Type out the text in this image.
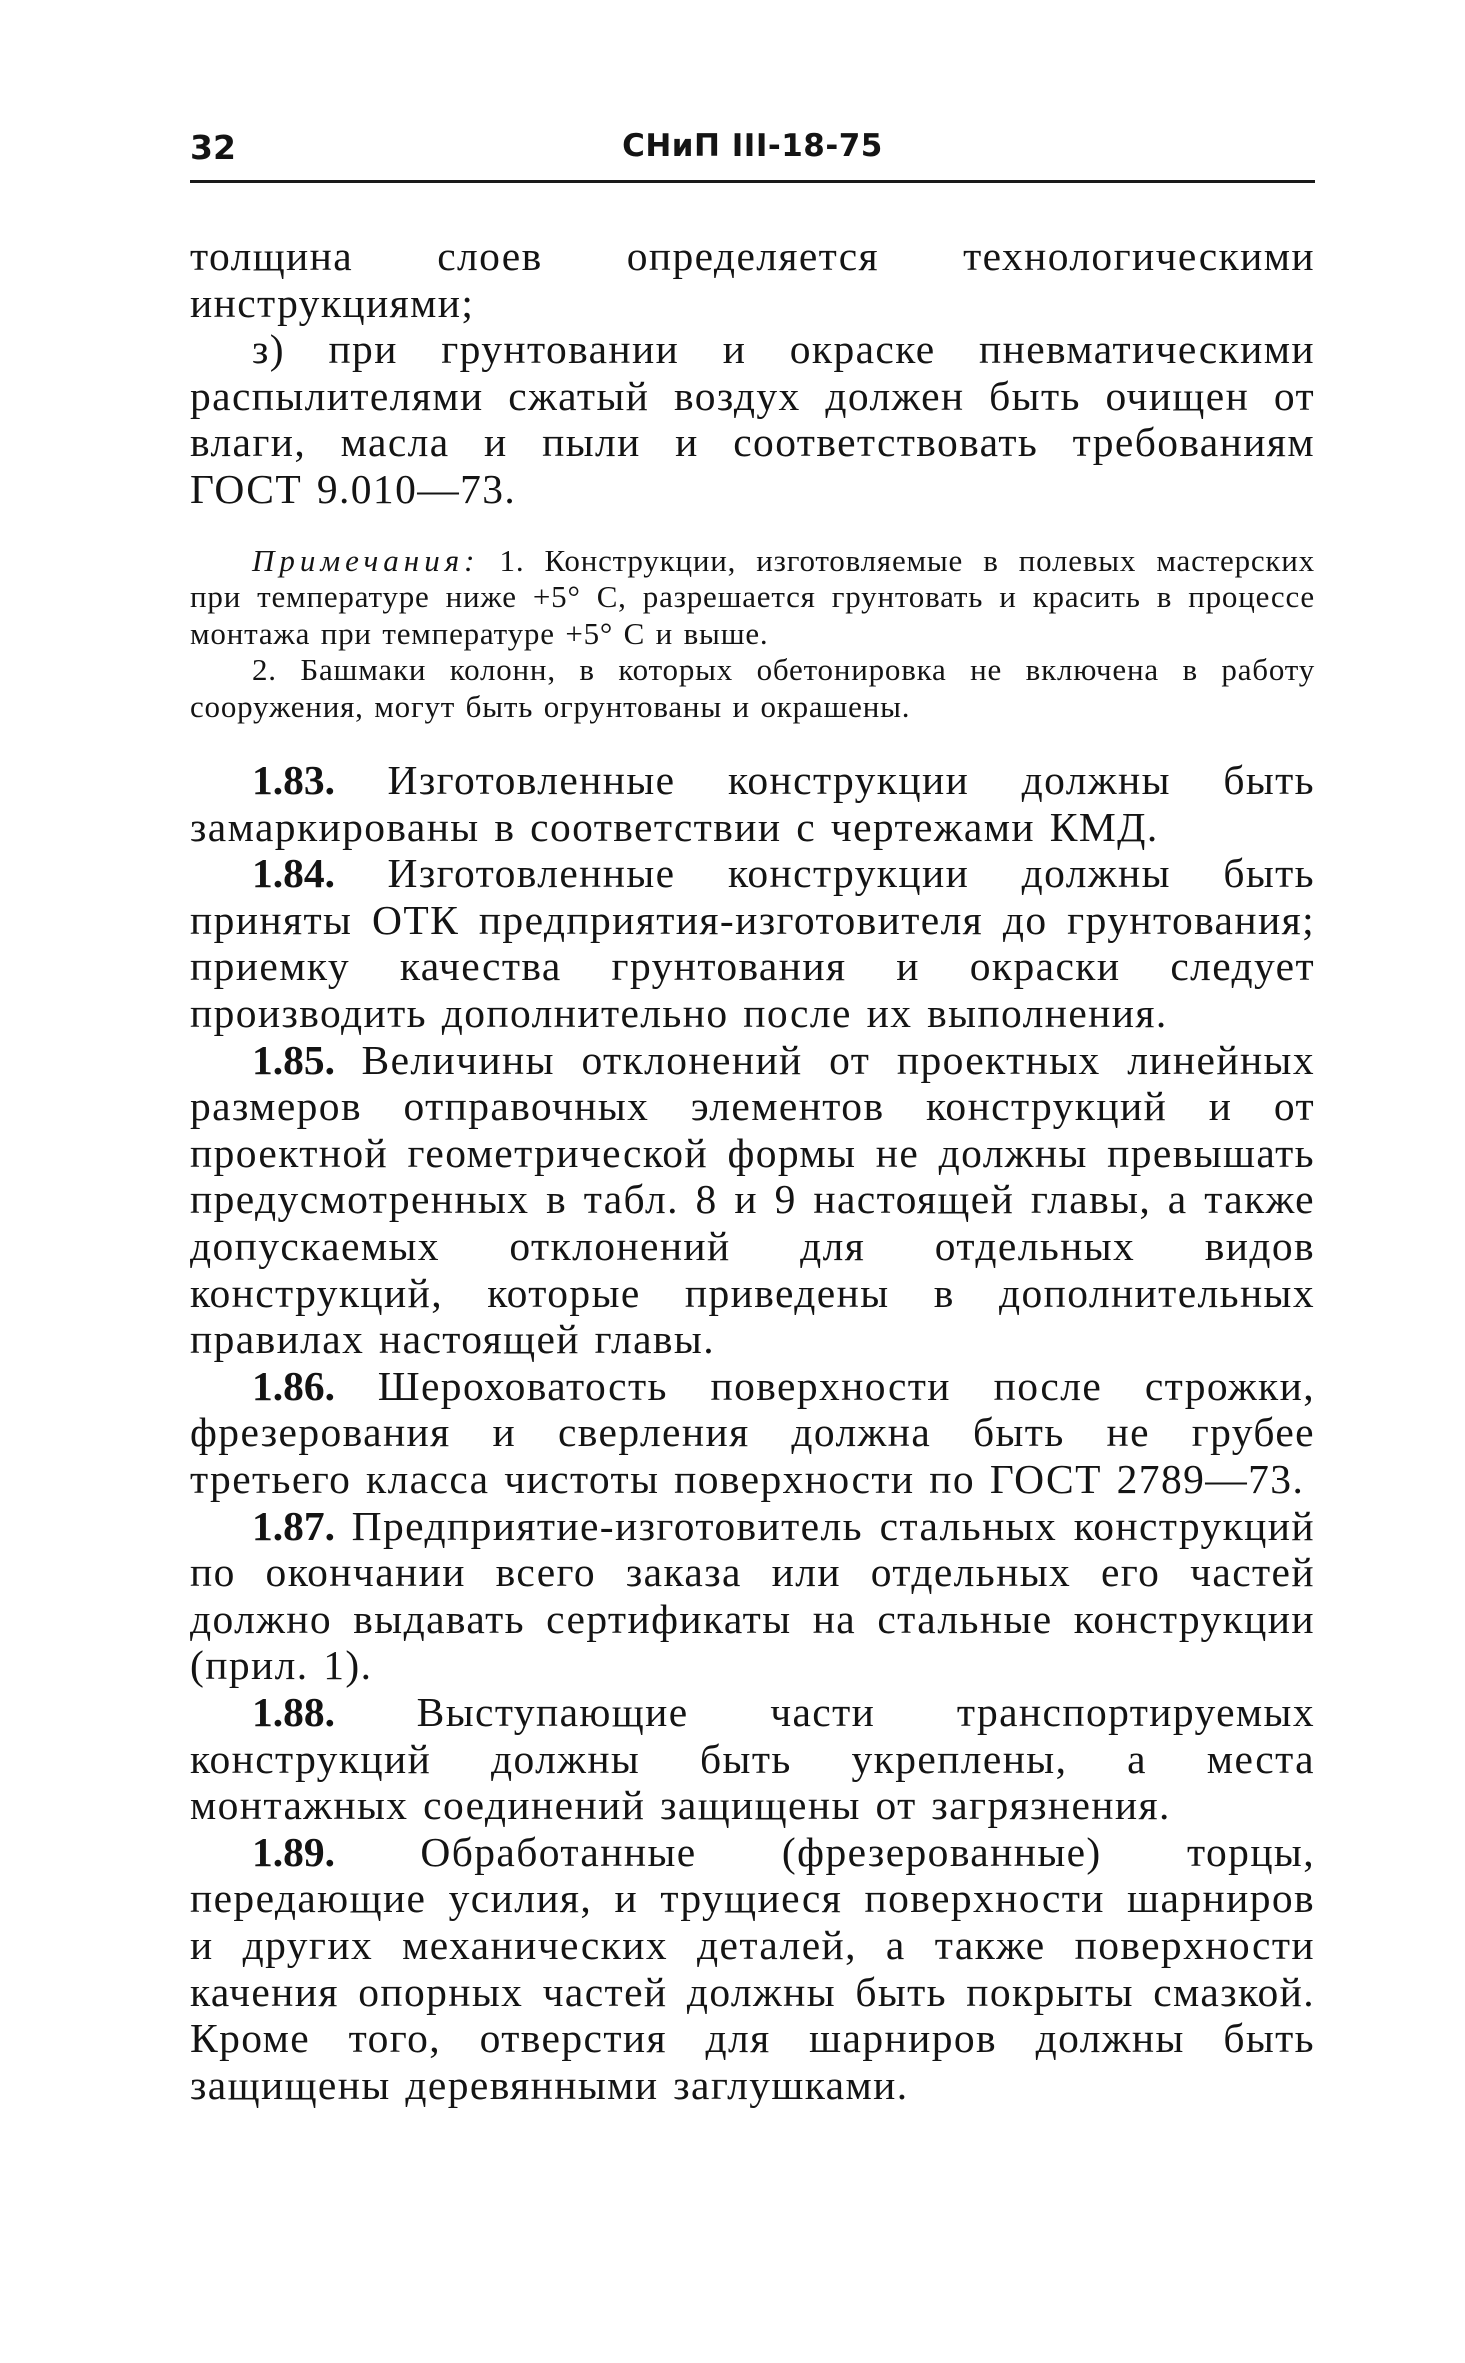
32	СНиП III-18-75

толщина слоев определяется технологическими инструкциями;

з) при грунтовании и окраске пневматическими распылителями сжатый воздух должен быть очищен от влаги, масла и пыли и соответствовать требованиям ГОСТ 9.010—73.

Примечания: 1. Конструкции, изготовляемые в полевых мастерских при температуре ниже +5° С, разрешается грунтовать и красить в процессе монтажа при температуре +5° С и выше.

2. Башмаки колонн, в которых обетонировка не включена в работу сооружения, могут быть огрунтованы и окрашены.

1.83. Изготовленные конструкции должны быть замаркированы в соответствии с чертежами КМД.

1.84. Изготовленные конструкции должны быть приняты ОТК предприятия-изготовителя до грунтования; приемку качества грунтования и окраски следует производить дополнительно после их выполнения.

1.85. Величины отклонений от проектных линейных размеров отправочных элементов конструкций и от проектной геометрической формы не должны превышать предусмотренных в табл. 8 и 9 настоящей главы, а также допускаемых отклонений для отдельных видов конструкций, которые приведены в дополнительных правилах настоящей главы.

1.86. Шероховатость поверхности после строжки, фрезерования и сверления должна быть не грубее третьего класса чистоты поверхности по ГОСТ 2789—73.

1.87. Предприятие-изготовитель стальных конструкций по окончании всего заказа или отдельных его частей должно выдавать сертификаты на стальные конструкции (прил. 1).

1.88. Выступающие части транспортируемых конструкций должны быть укреплены, а места монтажных соединений защищены от загрязнения.

1.89. Обработанные (фрезерованные) торцы, передающие усилия, и трущиеся поверхности шарниров и других механических деталей, а также поверхности качения опорных частей должны быть покрыты смазкой. Кроме того, отверстия для шарниров должны быть защищены деревянными заглушками.
